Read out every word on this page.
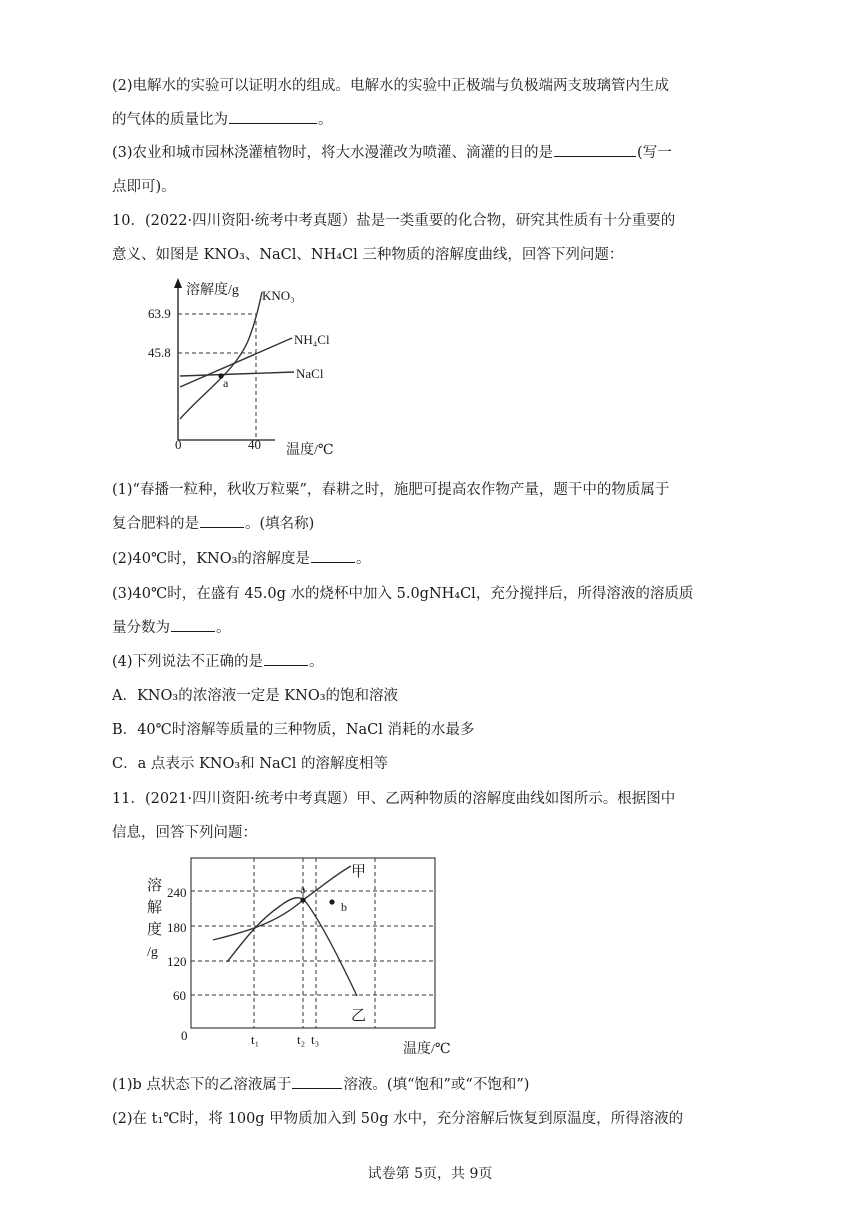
(2)电解水的实验可以证明水的组成。电解水的实验中正极端与负极端两支玻璃管内生成
的气体的质量比为	。
(3)农业和城市园林浇灌植物时，将大水漫灌改为喷灌、滴灌的目的是	(写一
点即可)。
10．(2022·四川资阳·统考中考真题）盐是一类重要的化合物，研究其性质有十分重要的
意义、如图是 KNO₃、NaCl、NH₄Cl 三种物质的溶解度曲线，回答下列问题：
溶解度/g
温度/℃
63.9
45.8
0	40
KNO₃
NH₄Cl
NaCl
a
(1)“春播一粒种，秋收万粒粟”，春耕之时，施肥可提高农作物产量，题干中的物质属于
复合肥料的是	。(填名称)
(2)40℃时，KNO₃的溶解度是	。
(3)40℃时，在盛有 45.0g 水的烧杯中加入 5.0gNH₄Cl，充分搅拌后，所得溶液的溶质质
量分数为	。
(4)下列说法不正确的是	。
A．KNO₃的浓溶液一定是 KNO₃的饱和溶液
B．40℃时溶解等质量的三种物质，NaCl 消耗的水最多
C．a 点表示 KNO₃和 NaCl 的溶解度相等
11．(2021·四川资阳·统考中考真题）甲、乙两种物质的溶解度曲线如图所示。根据图中
信息，回答下列问题：
溶
解
度
/g
240
180
120
60
0	t₁	t₂ t₃
温度/℃
甲
乙
a
b
(1)b 点状态下的乙溶液属于	溶液。(填“饱和”或“不饱和”)
(2)在 t₁℃时，将 100g 甲物质加入到 50g 水中，充分溶解后恢复到原温度，所得溶液的
试卷第 5页，共 9页
